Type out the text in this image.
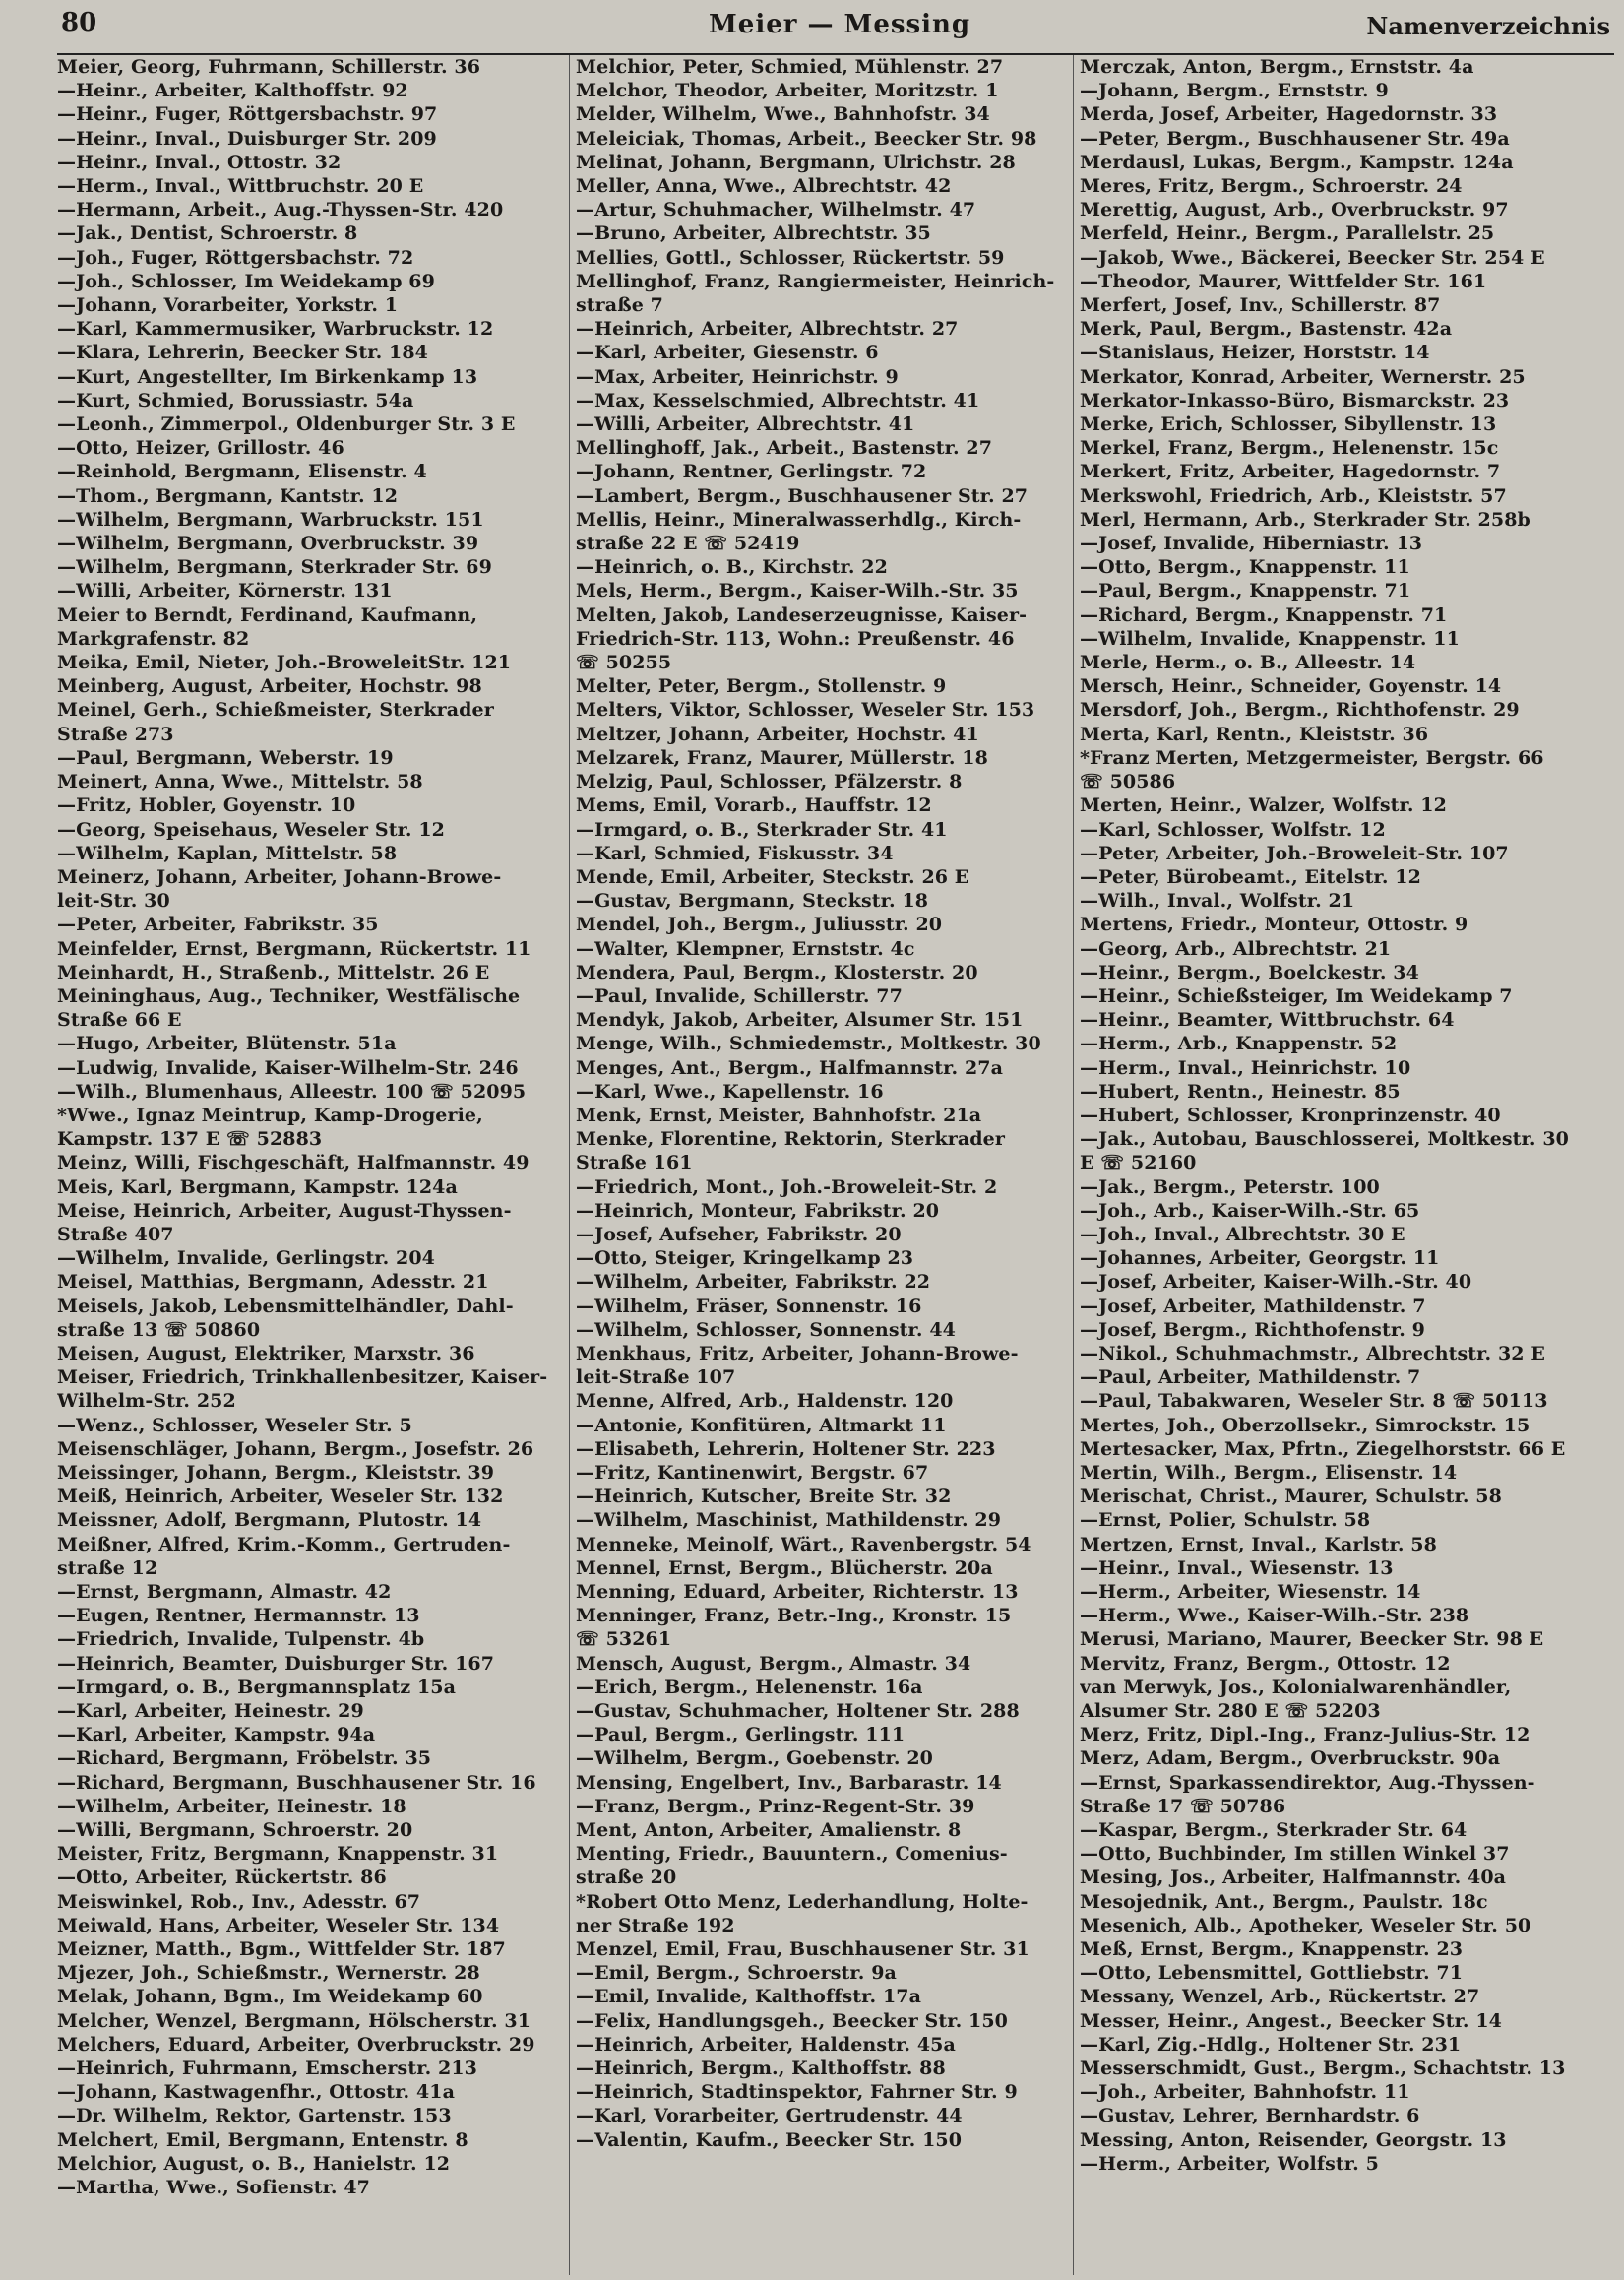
80	Meier — Messing	Namenverzeichnis
Meier, Georg, Fuhrmann, Schillerstr. 36
—Heinr., Arbeiter, Kalthoffstr. 92
—Heinr., Fuger, Röttgersbachstr. 97
—Heinr., Inval., Duisburger Str. 209
—Heinr., Inval., Ottostr. 32
—Herm., Inval., Wittbruchstr. 20 E
—Hermann, Arbeit., Aug.-Thyssen-Str. 420
—Jak., Dentist, Schroerstr. 8
—Joh., Fuger, Röttgersbachstr. 72
—Joh., Schlosser, Im Weidekamp 69
—Johann, Vorarbeiter, Yorkstr. 1
—Karl, Kammermusiker, Warbruckstr. 12
—Klara, Lehrerin, Beecker Str. 184
—Kurt, Angestellter, Im Birkenkamp 13
—Kurt, Schmied, Borussiastr. 54a
—Leonh., Zimmerpol., Oldenburger Str. 3 E
—Otto, Heizer, Grillostr. 46
—Reinhold, Bergmann, Elisenstr. 4
—Thom., Bergmann, Kantstr. 12
—Wilhelm, Bergmann, Warbruckstr. 151
—Wilhelm, Bergmann, Overbruckstr. 39
—Wilhelm, Bergmann, Sterkrader Str. 69
—Willi, Arbeiter, Körnerstr. 131
Meier to Berndt, Ferdinand, Kaufmann,
Markgrafenstr. 82
Meika, Emil, Nieter, Joh.-BroweleitStr. 121
Meinberg, August, Arbeiter, Hochstr. 98
Meinel, Gerh., Schießmeister, Sterkrader
Straße 273
—Paul, Bergmann, Weberstr. 19
Meinert, Anna, Wwe., Mittelstr. 58
—Fritz, Hobler, Goyenstr. 10
—Georg, Speisehaus, Weseler Str. 12
—Wilhelm, Kaplan, Mittelstr. 58
Meinerz, Johann, Arbeiter, Johann-Browe-
leit-Str. 30
—Peter, Arbeiter, Fabrikstr. 35
Meinfelder, Ernst, Bergmann, Rückertstr. 11
Meinhardt, H., Straßenb., Mittelstr. 26 E
Meininghaus, Aug., Techniker, Westfälische
Straße 66 E
—Hugo, Arbeiter, Blütenstr. 51a
—Ludwig, Invalide, Kaiser-Wilhelm-Str. 246
—Wilh., Blumenhaus, Alleestr. 100 ☏ 52095
*Wwe., Ignaz Meintrup, Kamp-Drogerie,
Kampstr. 137 E ☏ 52883
Meinz, Willi, Fischgeschäft, Halfmannstr. 49
Meis, Karl, Bergmann, Kampstr. 124a
Meise, Heinrich, Arbeiter, August-Thyssen-
Straße 407
—Wilhelm, Invalide, Gerlingstr. 204
Meisel, Matthias, Bergmann, Adesstr. 21
Meisels, Jakob, Lebensmittelhändler, Dahl-
straße 13 ☏ 50860
Meisen, August, Elektriker, Marxstr. 36
Meiser, Friedrich, Trinkhallenbesitzer, Kaiser-
Wilhelm-Str. 252
—Wenz., Schlosser, Weseler Str. 5
Meisenschläger, Johann, Bergm., Josefstr. 26
Meissinger, Johann, Bergm., Kleiststr. 39
Meiß, Heinrich, Arbeiter, Weseler Str. 132
Meissner, Adolf, Bergmann, Plutostr. 14
Meißner, Alfred, Krim.-Komm., Gertruden-
straße 12
—Ernst, Bergmann, Almastr. 42
—Eugen, Rentner, Hermannstr. 13
—Friedrich, Invalide, Tulpenstr. 4b
—Heinrich, Beamter, Duisburger Str. 167
—Irmgard, o. B., Bergmannsplatz 15a
—Karl, Arbeiter, Heinestr. 29
—Karl, Arbeiter, Kampstr. 94a
—Richard, Bergmann, Fröbelstr. 35
—Richard, Bergmann, Buschhausener Str. 16
—Wilhelm, Arbeiter, Heinestr. 18
—Willi, Bergmann, Schroerstr. 20
Meister, Fritz, Bergmann, Knappenstr. 31
—Otto, Arbeiter, Rückertstr. 86
Meiswinkel, Rob., Inv., Adesstr. 67
Meiwald, Hans, Arbeiter, Weseler Str. 134
Meizner, Matth., Bgm., Wittfelder Str. 187
Mjezer, Joh., Schießmstr., Wernerstr. 28
Melak, Johann, Bgm., Im Weidekamp 60
Melcher, Wenzel, Bergmann, Hölscherstr. 31
Melchers, Eduard, Arbeiter, Overbruckstr. 29
—Heinrich, Fuhrmann, Emscherstr. 213
—Johann, Kastwagenfhr., Ottostr. 41a
—Dr. Wilhelm, Rektor, Gartenstr. 153
Melchert, Emil, Bergmann, Entenstr. 8
Melchior, August, o. B., Hanielstr. 12
—Martha, Wwe., Sofienstr. 47
Melchior, Peter, Schmied, Mühlenstr. 27
Melchor, Theodor, Arbeiter, Moritzstr. 1
Melder, Wilhelm, Wwe., Bahnhofstr. 34
Meleiciak, Thomas, Arbeit., Beecker Str. 98
Melinat, Johann, Bergmann, Ulrichstr. 28
Meller, Anna, Wwe., Albrechtstr. 42
—Artur, Schuhmacher, Wilhelmstr. 47
—Bruno, Arbeiter, Albrechtstr. 35
Mellies, Gottl., Schlosser, Rückertstr. 59
Mellinghof, Franz, Rangiermeister, Heinrich-
straße 7
—Heinrich, Arbeiter, Albrechtstr. 27
—Karl, Arbeiter, Giesenstr. 6
—Max, Arbeiter, Heinrichstr. 9
—Max, Kesselschmied, Albrechtstr. 41
—Willi, Arbeiter, Albrechtstr. 41
Mellinghoff, Jak., Arbeit., Bastenstr. 27
—Johann, Rentner, Gerlingstr. 72
—Lambert, Bergm., Buschhausener Str. 27
Mellis, Heinr., Mineralwasserhdlg., Kirch-
straße 22 E ☏ 52419
—Heinrich, o. B., Kirchstr. 22
Mels, Herm., Bergm., Kaiser-Wilh.-Str. 35
Melten, Jakob, Landeserzeugnisse, Kaiser-
Friedrich-Str. 113, Wohn.: Preußenstr. 46
☏ 50255
Melter, Peter, Bergm., Stollenstr. 9
Melters, Viktor, Schlosser, Weseler Str. 153
Meltzer, Johann, Arbeiter, Hochstr. 41
Melzarek, Franz, Maurer, Müllerstr. 18
Melzig, Paul, Schlosser, Pfälzerstr. 8
Mems, Emil, Vorarb., Hauffstr. 12
—Irmgard, o. B., Sterkrader Str. 41
—Karl, Schmied, Fiskusstr. 34
Mende, Emil, Arbeiter, Steckstr. 26 E
—Gustav, Bergmann, Steckstr. 18
Mendel, Joh., Bergm., Juliusstr. 20
—Walter, Klempner, Ernststr. 4c
Mendera, Paul, Bergm., Klosterstr. 20
—Paul, Invalide, Schillerstr. 77
Mendyk, Jakob, Arbeiter, Alsumer Str. 151
Menge, Wilh., Schmiedemstr., Moltkestr. 30
Menges, Ant., Bergm., Halfmannstr. 27a
—Karl, Wwe., Kapellenstr. 16
Menk, Ernst, Meister, Bahnhofstr. 21a
Menke, Florentine, Rektorin, Sterkrader
Straße 161
—Friedrich, Mont., Joh.-Broweleit-Str. 2
—Heinrich, Monteur, Fabrikstr. 20
—Josef, Aufseher, Fabrikstr. 20
—Otto, Steiger, Kringelkamp 23
—Wilhelm, Arbeiter, Fabrikstr. 22
—Wilhelm, Fräser, Sonnenstr. 16
—Wilhelm, Schlosser, Sonnenstr. 44
Menkhaus, Fritz, Arbeiter, Johann-Browe-
leit-Straße 107
Menne, Alfred, Arb., Haldenstr. 120
—Antonie, Konfitüren, Altmarkt 11
—Elisabeth, Lehrerin, Holtener Str. 223
—Fritz, Kantinenwirt, Bergstr. 67
—Heinrich, Kutscher, Breite Str. 32
—Wilhelm, Maschinist, Mathildenstr. 29
Menneke, Meinolf, Wärt., Ravenbergstr. 54
Mennel, Ernst, Bergm., Blücherstr. 20a
Menning, Eduard, Arbeiter, Richterstr. 13
Menninger, Franz, Betr.-Ing., Kronstr. 15
☏ 53261
Mensch, August, Bergm., Almastr. 34
—Erich, Bergm., Helenenstr. 16a
—Gustav, Schuhmacher, Holtener Str. 288
—Paul, Bergm., Gerlingstr. 111
—Wilhelm, Bergm., Goebenstr. 20
Mensing, Engelbert, Inv., Barbarastr. 14
—Franz, Bergm., Prinz-Regent-Str. 39
Ment, Anton, Arbeiter, Amalienstr. 8
Menting, Friedr., Bauuntern., Comenius-
straße 20
*Robert Otto Menz, Lederhandlung, Holte-
ner Straße 192
Menzel, Emil, Frau, Buschhausener Str. 31
—Emil, Bergm., Schroerstr. 9a
—Emil, Invalide, Kalthoffstr. 17a
—Felix, Handlungsgeh., Beecker Str. 150
—Heinrich, Arbeiter, Haldenstr. 45a
—Heinrich, Bergm., Kalthoffstr. 88
—Heinrich, Stadtinspektor, Fahrner Str. 9
—Karl, Vorarbeiter, Gertrudenstr. 44
—Valentin, Kaufm., Beecker Str. 150
Merczak, Anton, Bergm., Ernststr. 4a
—Johann, Bergm., Ernststr. 9
Merda, Josef, Arbeiter, Hagedornstr. 33
—Peter, Bergm., Buschhausener Str. 49a
Merdausl, Lukas, Bergm., Kampstr. 124a
Meres, Fritz, Bergm., Schroerstr. 24
Merettig, August, Arb., Overbruckstr. 97
Merfeld, Heinr., Bergm., Parallelstr. 25
—Jakob, Wwe., Bäckerei, Beecker Str. 254 E
—Theodor, Maurer, Wittfelder Str. 161
Merfert, Josef, Inv., Schillerstr. 87
Merk, Paul, Bergm., Bastenstr. 42a
—Stanislaus, Heizer, Horststr. 14
Merkator, Konrad, Arbeiter, Wernerstr. 25
Merkator-Inkasso-Büro, Bismarckstr. 23
Merke, Erich, Schlosser, Sibyllenstr. 13
Merkel, Franz, Bergm., Helenenstr. 15c
Merkert, Fritz, Arbeiter, Hagedornstr. 7
Merkswohl, Friedrich, Arb., Kleiststr. 57
Merl, Hermann, Arb., Sterkrader Str. 258b
—Josef, Invalide, Hiberniastr. 13
—Otto, Bergm., Knappenstr. 11
—Paul, Bergm., Knappenstr. 71
—Richard, Bergm., Knappenstr. 71
—Wilhelm, Invalide, Knappenstr. 11
Merle, Herm., o. B., Alleestr. 14
Mersch, Heinr., Schneider, Goyenstr. 14
Mersdorf, Joh., Bergm., Richthofenstr. 29
Merta, Karl, Rentn., Kleiststr. 36
*Franz Merten, Metzgermeister, Bergstr. 66
☏ 50586
Merten, Heinr., Walzer, Wolfstr. 12
—Karl, Schlosser, Wolfstr. 12
—Peter, Arbeiter, Joh.-Broweleit-Str. 107
—Peter, Bürobeamt., Eitelstr. 12
—Wilh., Inval., Wolfstr. 21
Mertens, Friedr., Monteur, Ottostr. 9
—Georg, Arb., Albrechtstr. 21
—Heinr., Bergm., Boelckestr. 34
—Heinr., Schießsteiger, Im Weidekamp 7
—Heinr., Beamter, Wittbruchstr. 64
—Herm., Arb., Knappenstr. 52
—Herm., Inval., Heinrichstr. 10
—Hubert, Rentn., Heinestr. 85
—Hubert, Schlosser, Kronprinzenstr. 40
—Jak., Autobau, Bauschlosserei, Moltkestr. 30
E ☏ 52160
—Jak., Bergm., Peterstr. 100
—Joh., Arb., Kaiser-Wilh.-Str. 65
—Joh., Inval., Albrechtstr. 30 E
—Johannes, Arbeiter, Georgstr. 11
—Josef, Arbeiter, Kaiser-Wilh.-Str. 40
—Josef, Arbeiter, Mathildenstr. 7
—Josef, Bergm., Richthofenstr. 9
—Nikol., Schuhmachmstr., Albrechtstr. 32 E
—Paul, Arbeiter, Mathildenstr. 7
—Paul, Tabakwaren, Weseler Str. 8 ☏ 50113
Mertes, Joh., Oberzollsekr., Simrockstr. 15
Mertesacker, Max, Pfrtn., Ziegelhorststr. 66 E
Mertin, Wilh., Bergm., Elisenstr. 14
Merischat, Christ., Maurer, Schulstr. 58
—Ernst, Polier, Schulstr. 58
Mertzen, Ernst, Inval., Karlstr. 58
—Heinr., Inval., Wiesenstr. 13
—Herm., Arbeiter, Wiesenstr. 14
—Herm., Wwe., Kaiser-Wilh.-Str. 238
Merusi, Mariano, Maurer, Beecker Str. 98 E
Mervitz, Franz, Bergm., Ottostr. 12
van Merwyk, Jos., Kolonialwarenhändler,
Alsumer Str. 280 E ☏ 52203
Merz, Fritz, Dipl.-Ing., Franz-Julius-Str. 12
Merz, Adam, Bergm., Overbruckstr. 90a
—Ernst, Sparkassendirektor, Aug.-Thyssen-
Straße 17 ☏ 50786
—Kaspar, Bergm., Sterkrader Str. 64
—Otto, Buchbinder, Im stillen Winkel 37
Mesing, Jos., Arbeiter, Halfmannstr. 40a
Mesojednik, Ant., Bergm., Paulstr. 18c
Mesenich, Alb., Apotheker, Weseler Str. 50
Meß, Ernst, Bergm., Knappenstr. 23
—Otto, Lebensmittel, Gottliebstr. 71
Messany, Wenzel, Arb., Rückertstr. 27
Messer, Heinr., Angest., Beecker Str. 14
—Karl, Zig.-Hdlg., Holtener Str. 231
Messerschmidt, Gust., Bergm., Schachtstr. 13
—Joh., Arbeiter, Bahnhofstr. 11
—Gustav, Lehrer, Bernhardstr. 6
Messing, Anton, Reisender, Georgstr. 13
—Herm., Arbeiter, Wolfstr. 5
